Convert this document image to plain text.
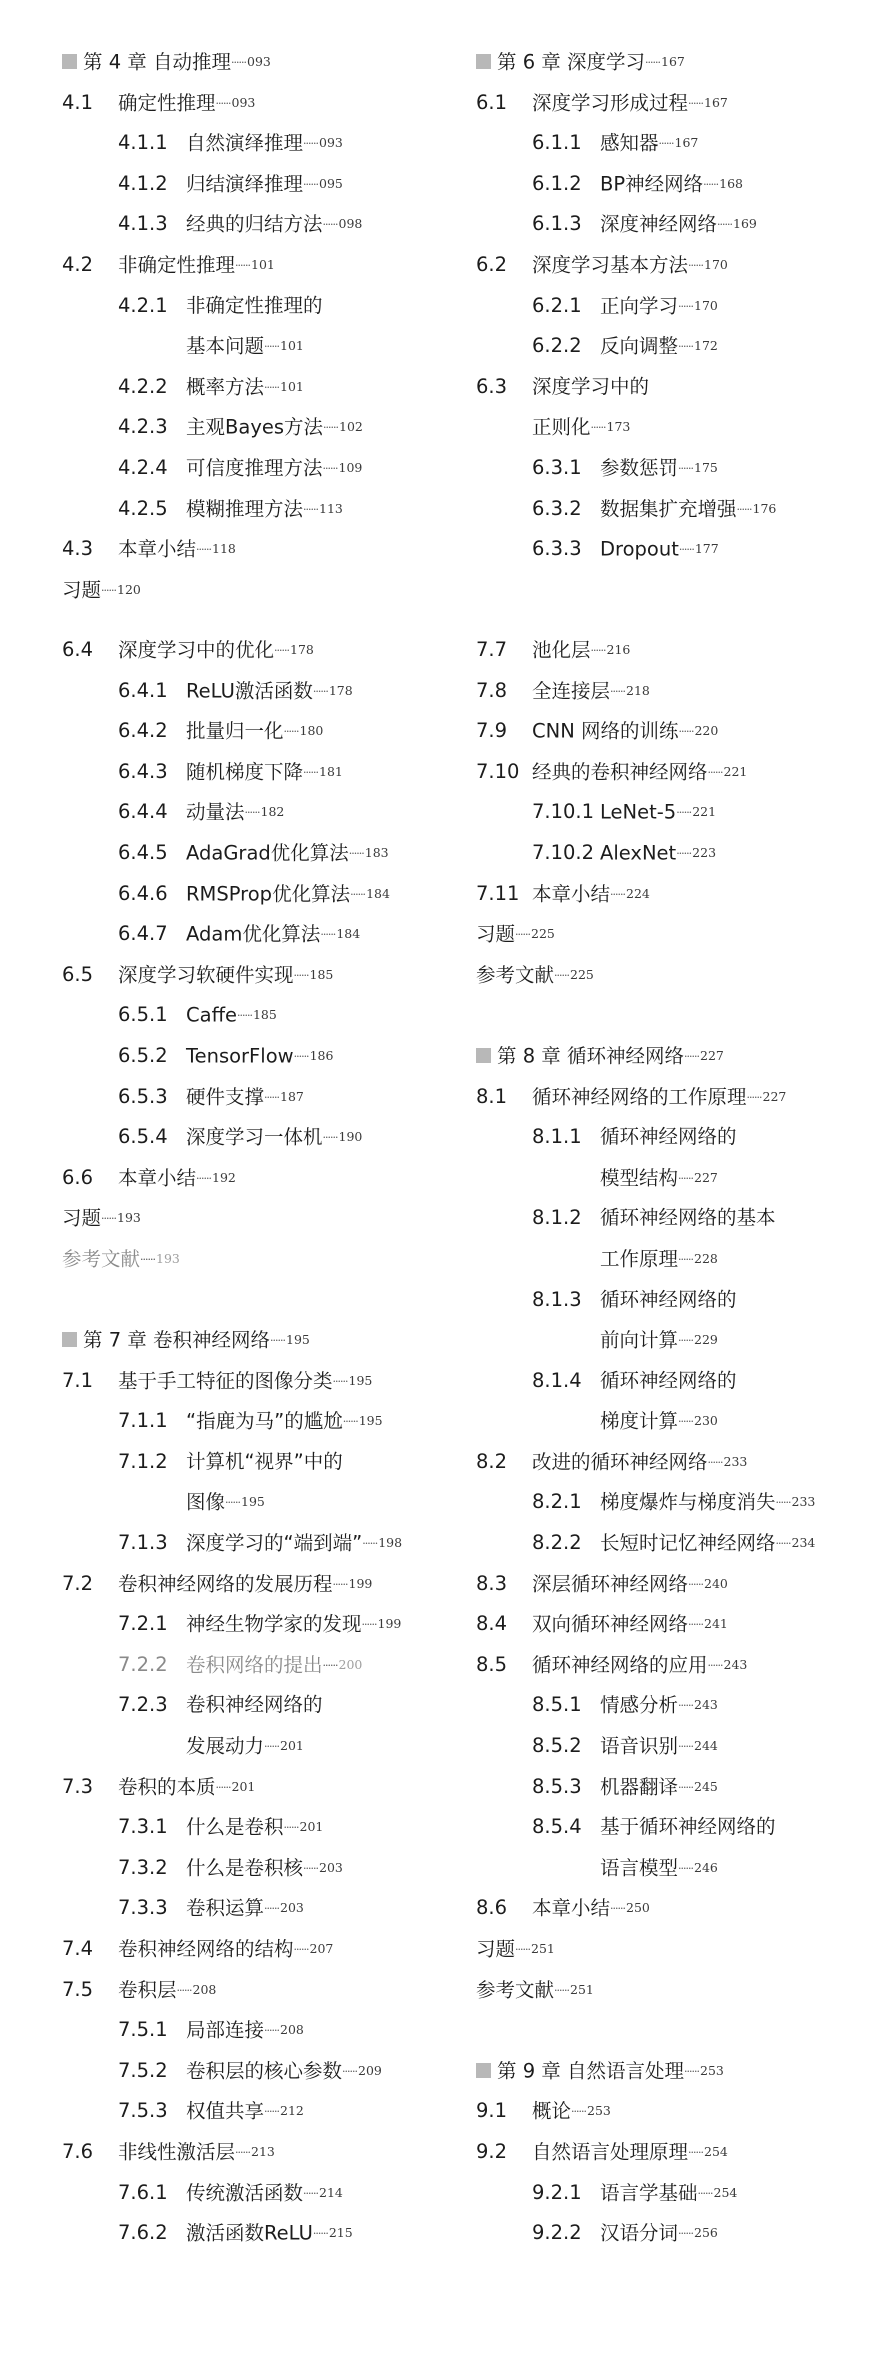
第 4 章 自动推理 ······ 093
4.1 确定性推理 ······ 093
4.1.1 自然演绎推理 ······ 093
4.1.2 归结演绎推理 ······ 095
4.1.3 经典的归结方法 ······ 098
4.2 非确定性推理 ······ 101
4.2.1 非确定性推理的
基本问题 ······ 101
4.2.2 概率方法 ······ 101
4.2.3 主观Bayes方法 ······ 102
4.2.4 可信度推理方法 ······ 109
4.2.5 模糊推理方法 ······ 113
4.3 本章小结 ······ 118
习题 ······ 120
第 6 章 深度学习 ······ 167
6.1 深度学习形成过程 ······ 167
6.1.1 感知器 ······ 167
6.1.2 BP神经网络 ······ 168
6.1.3 深度神经网络 ······ 169
6.2 深度学习基本方法 ······ 170
6.2.1 正向学习 ······ 170
6.2.2 反向调整 ······ 172
6.3 深度学习中的
正则化 ······ 173
6.3.1 参数惩罚 ······ 175
6.3.2 数据集扩充增强 ······ 176
6.3.3 Dropout ······ 177
6.4 深度学习中的优化 ······ 178
6.4.1 ReLU激活函数 ······ 178
6.4.2 批量归一化 ······ 180
6.4.3 随机梯度下降 ······ 181
6.4.4 动量法 ······ 182
6.4.5 AdaGrad优化算法 ······ 183
6.4.6 RMSProp优化算法 ······ 184
6.4.7 Adam优化算法 ······ 184
6.5 深度学习软硬件实现 ······ 185
6.5.1 Caffe ······ 185
6.5.2 TensorFlow ······ 186
6.5.3 硬件支撑 ······ 187
6.5.4 深度学习一体机 ······ 190
6.6 本章小结 ······ 192
习题 ······ 193
参考文献 ······ 193
第 7 章 卷积神经网络 ······ 195
7.1 基于手工特征的图像分类 ······ 195
7.1.1 “指鹿为马”的尴尬 ······ 195
7.1.2 计算机“视界”中的
图像 ······ 195
7.1.3 深度学习的“端到端” ······ 198
7.2 卷积神经网络的发展历程 ······ 199
7.2.1 神经生物学家的发现 ······ 199
7.2.2 卷积网络的提出 ······ 200
7.2.3 卷积神经网络的
发展动力 ······ 201
7.3 卷积的本质 ······ 201
7.3.1 什么是卷积 ······ 201
7.3.2 什么是卷积核 ······ 203
7.3.3 卷积运算 ······ 203
7.4 卷积神经网络的结构 ······ 207
7.5 卷积层 ······ 208
7.5.1 局部连接 ······ 208
7.5.2 卷积层的核心参数 ······ 209
7.5.3 权值共享 ······ 212
7.6 非线性激活层 ······ 213
7.6.1 传统激活函数 ······ 214
7.6.2 激活函数ReLU ······ 215
7.7 池化层 ······ 216
7.8 全连接层 ······ 218
7.9 CNN 网络的训练 ······ 220
7.10 经典的卷积神经网络 ······ 221
7.10.1 LeNet-5 ······ 221
7.10.2 AlexNet ······ 223
7.11 本章小结 ······ 224
习题 ······ 225
参考文献 ······ 225
第 8 章 循环神经网络 ······ 227
8.1 循环神经网络的工作原理 ······ 227
8.1.1 循环神经网络的
模型结构 ······ 227
8.1.2 循环神经网络的基本
工作原理 ······ 228
8.1.3 循环神经网络的
前向计算 ······ 229
8.1.4 循环神经网络的
梯度计算 ······ 230
8.2 改进的循环神经网络 ······ 233
8.2.1 梯度爆炸与梯度消失 ······ 233
8.2.2 长短时记忆神经网络 ······ 234
8.3 深层循环神经网络 ······ 240
8.4 双向循环神经网络 ······ 241
8.5 循环神经网络的应用 ······ 243
8.5.1 情感分析 ······ 243
8.5.2 语音识别 ······ 244
8.5.3 机器翻译 ······ 245
8.5.4 基于循环神经网络的
语言模型 ······ 246
8.6 本章小结 ······ 250
习题 ······ 251
参考文献 ······ 251
第 9 章 自然语言处理 ······ 253
9.1 概论 ······ 253
9.2 自然语言处理原理 ······ 254
9.2.1 语言学基础 ······ 254
9.2.2 汉语分词 ······ 256
